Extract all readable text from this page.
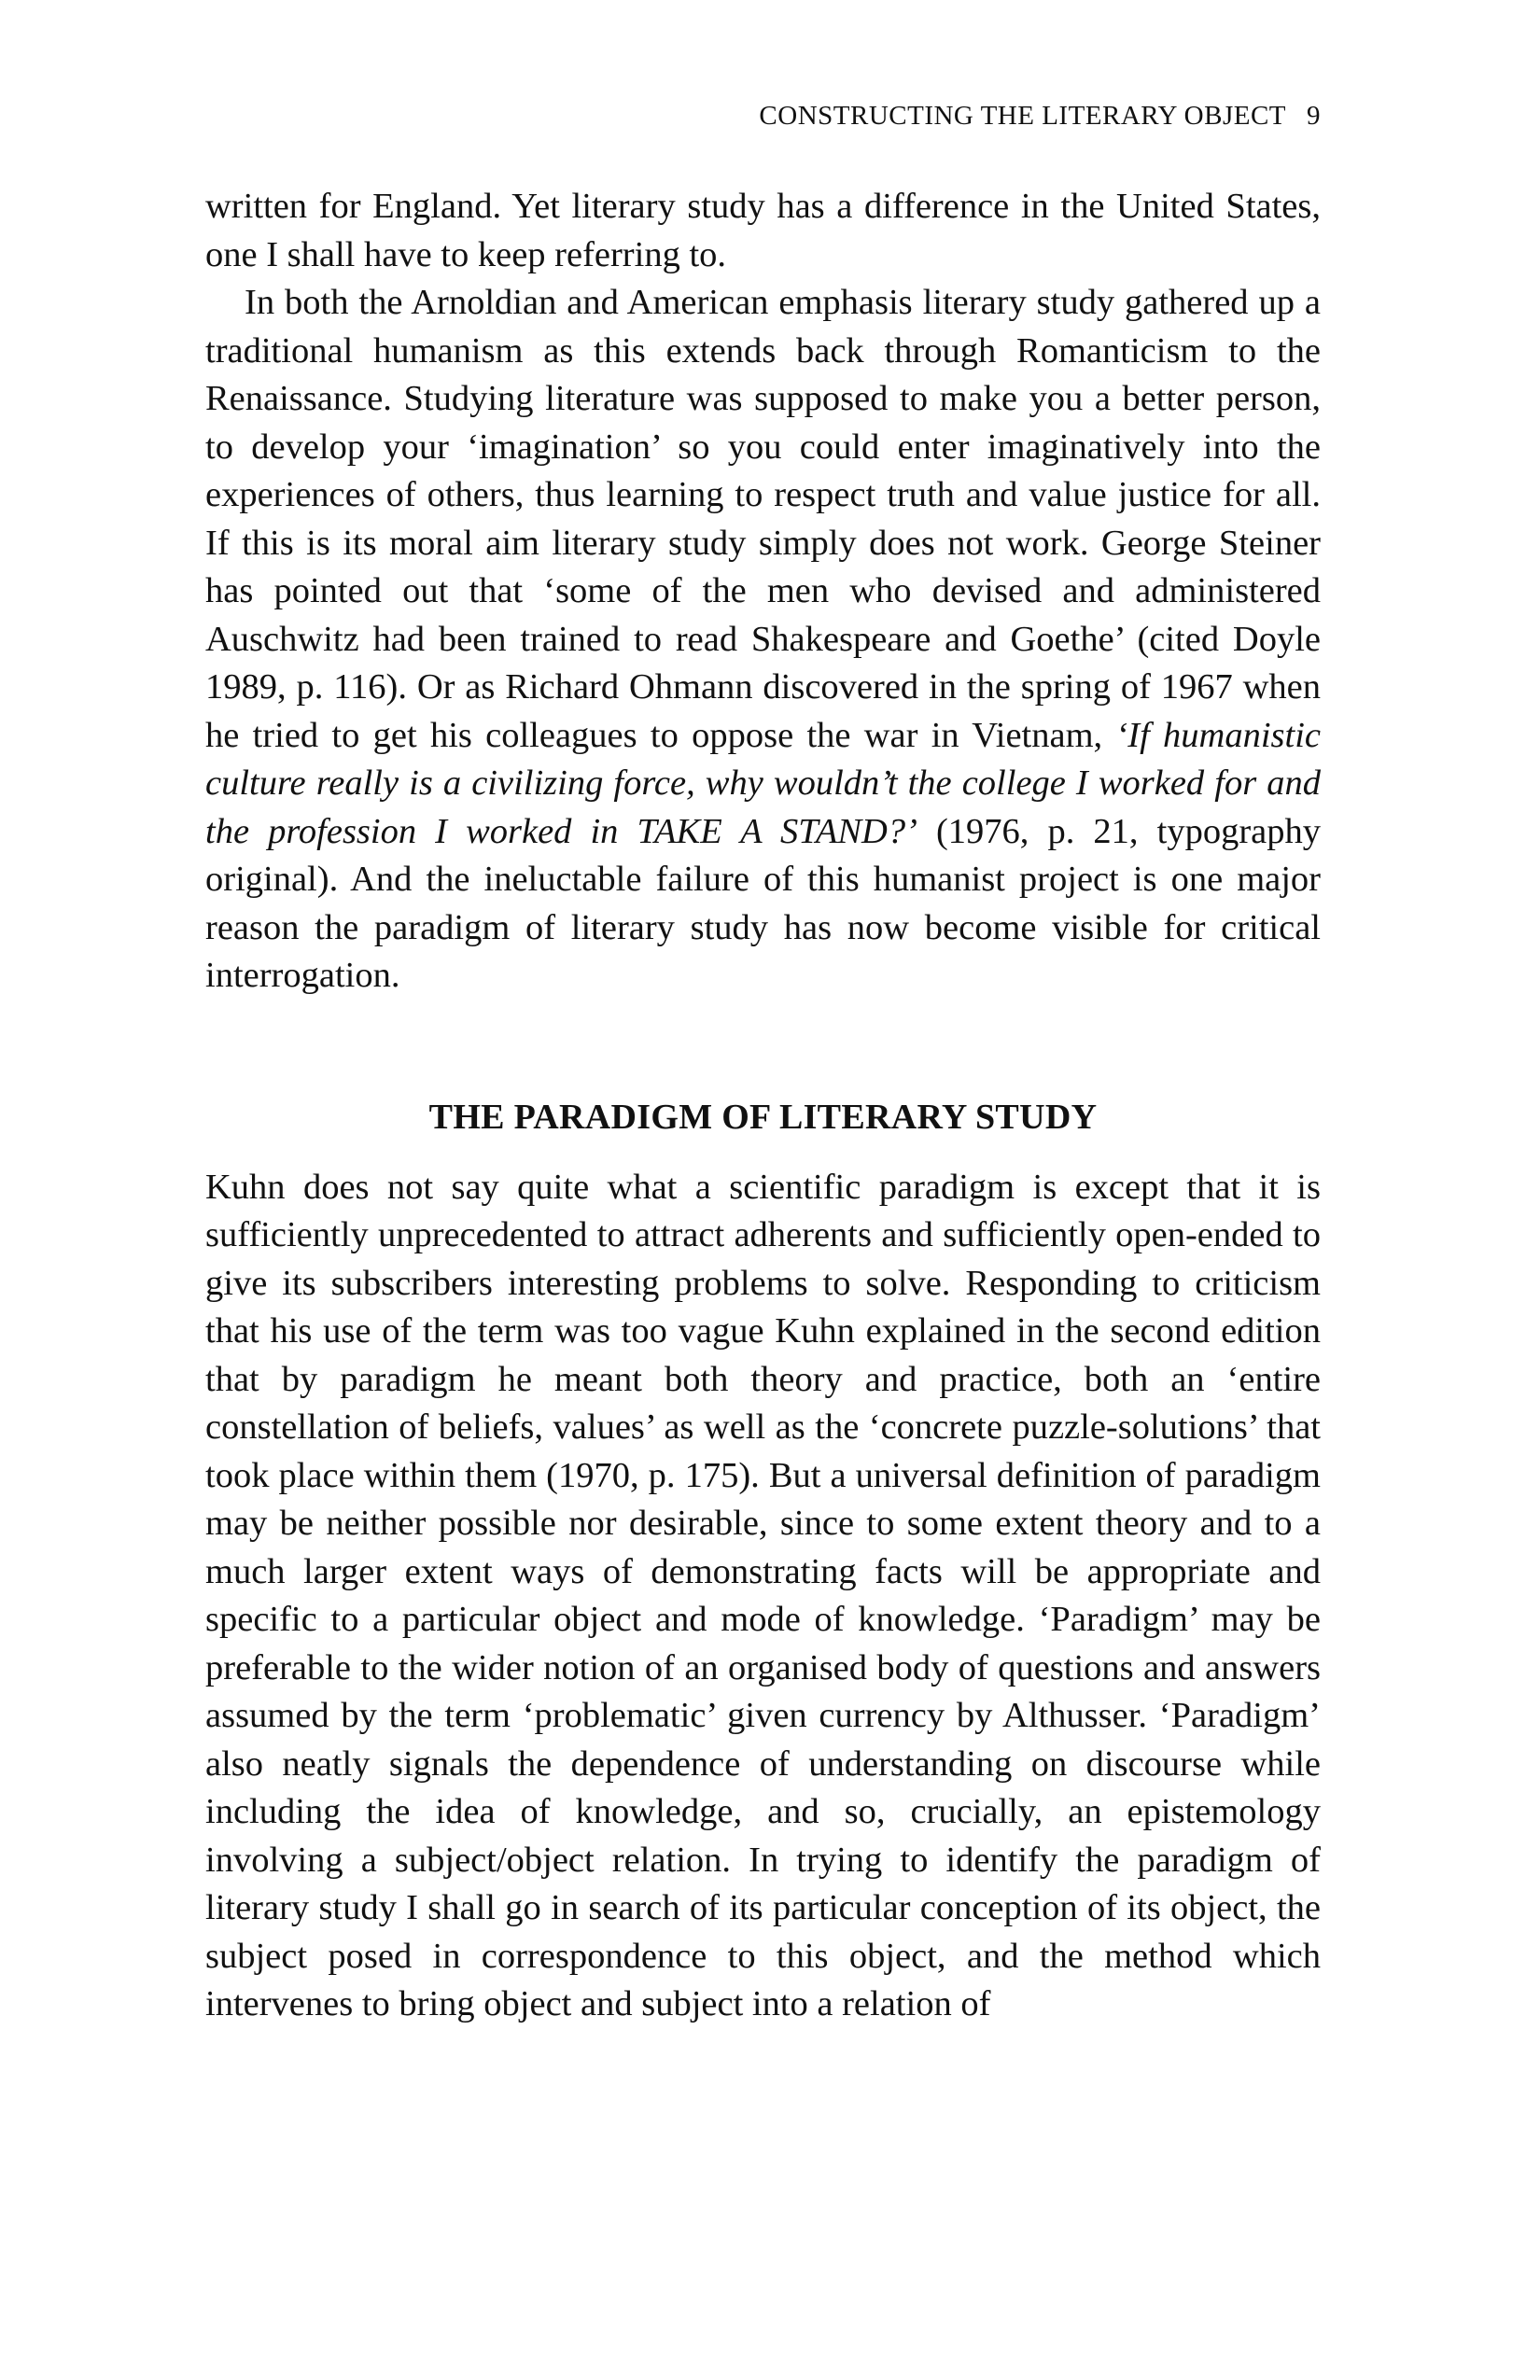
CONSTRUCTING THE LITERARY OBJECT 9

written for England. Yet literary study has a difference in the United States, one I shall have to keep referring to.

In both the Arnoldian and American emphasis literary study gathered up a traditional humanism as this extends back through Romanticism to the Renaissance. Studying literature was supposed to make you a better person, to develop your ‘imagination’ so you could enter imaginatively into the experiences of others, thus learning to respect truth and value justice for all. If this is its moral aim literary study simply does not work. George Steiner has pointed out that ‘some of the men who devised and administered Auschwitz had been trained to read Shakespeare and Goethe’ (cited Doyle 1989, p. 116). Or as Richard Ohmann discovered in the spring of 1967 when he tried to get his colleagues to oppose the war in Vietnam, ‘If humanistic culture really is a civilizing force, why wouldn’t the college I worked for and the profession I worked in TAKE A STAND?’ (1976, p. 21, typography original). And the ineluctable failure of this humanist project is one major reason the paradigm of literary study has now become visible for critical interrogation.

THE PARADIGM OF LITERARY STUDY

Kuhn does not say quite what a scientific paradigm is except that it is sufficiently unprecedented to attract adherents and sufficiently open-ended to give its subscribers interesting problems to solve. Responding to criticism that his use of the term was too vague Kuhn explained in the second edition that by paradigm he meant both theory and practice, both an ‘entire constellation of beliefs, values’ as well as the ‘concrete puzzle-solutions’ that took place within them (1970, p. 175). But a universal definition of paradigm may be neither possible nor desirable, since to some extent theory and to a much larger extent ways of demonstrating facts will be appropriate and specific to a particular object and mode of knowledge. ‘Paradigm’ may be preferable to the wider notion of an organised body of questions and answers assumed by the term ‘problematic’ given currency by Althusser. ‘Paradigm’ also neatly signals the dependence of understanding on discourse while including the idea of knowledge, and so, crucially, an epistemology involving a subject/object relation. In trying to identify the paradigm of literary study I shall go in search of its particular conception of its object, the subject posed in correspondence to this object, and the method which intervenes to bring object and subject into a relation of
